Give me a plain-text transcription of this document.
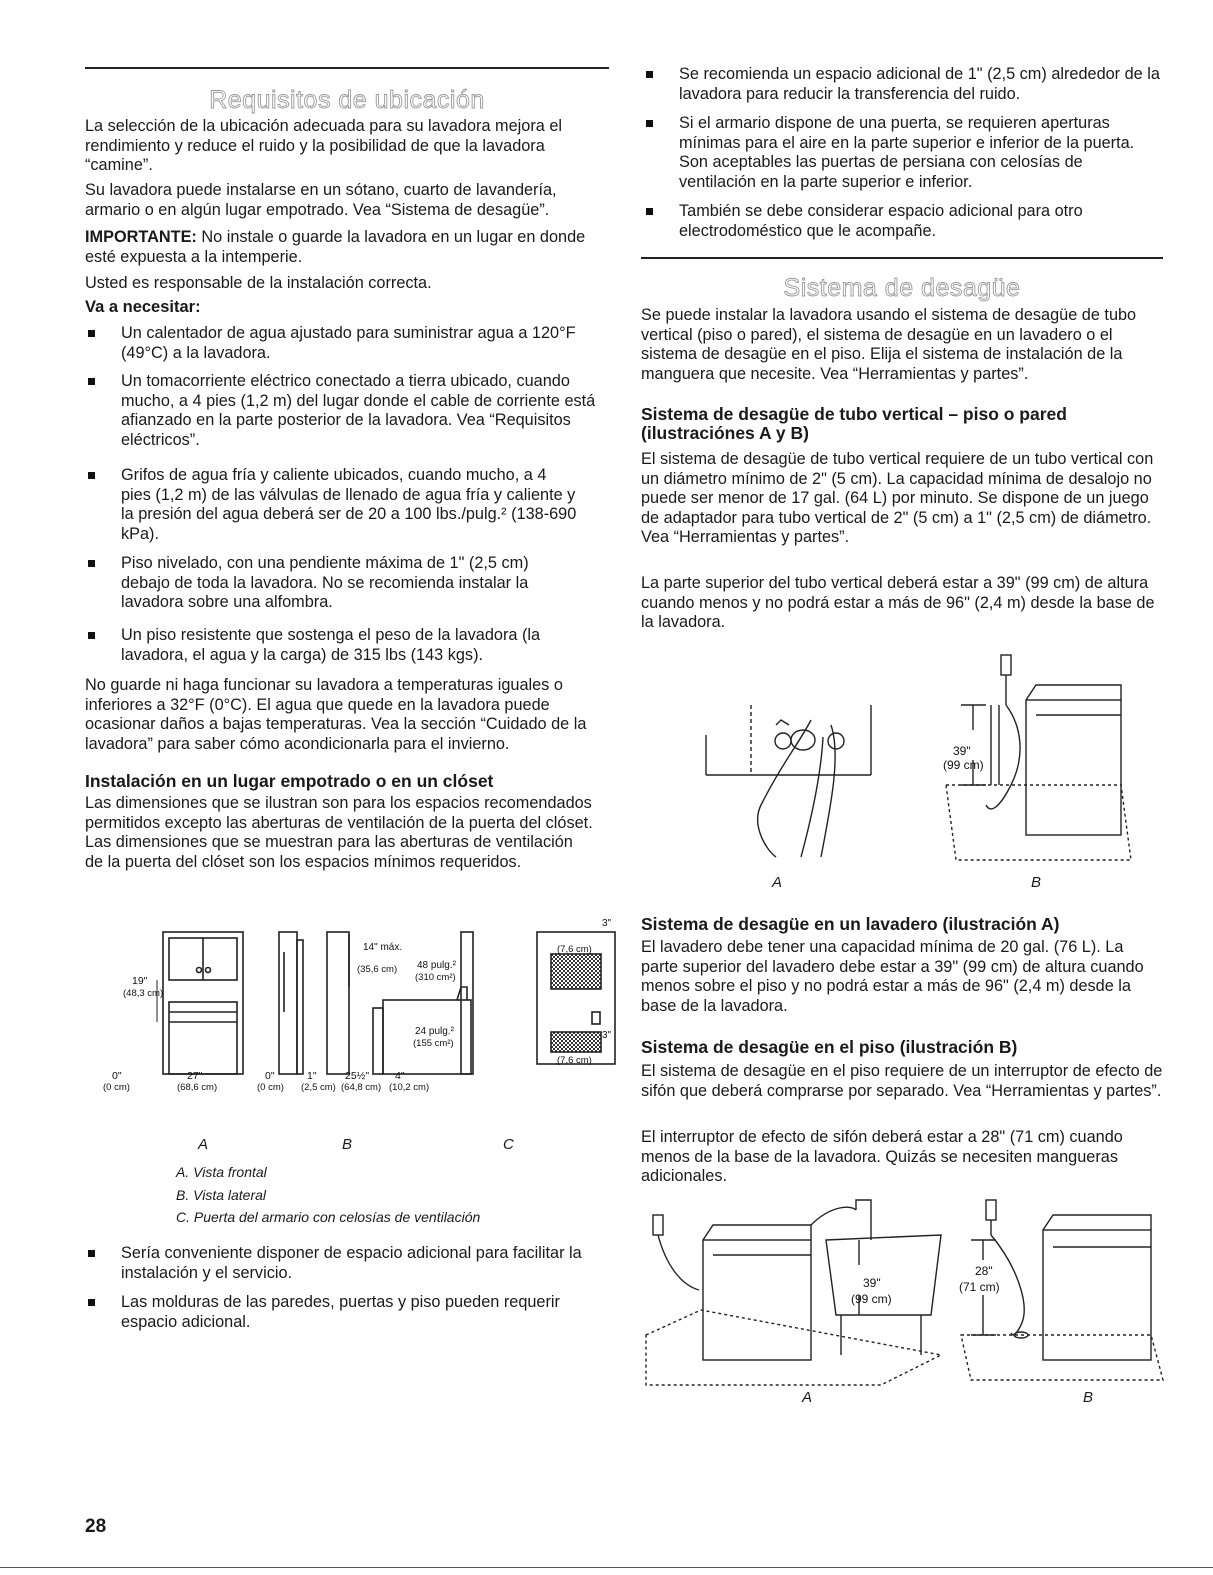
Requisitos de ubicación

La selección de la ubicación adecuada para su lavadora mejora el rendimiento y reduce el ruido y la posibilidad de que la lavadora “camine”.

Su lavadora puede instalarse en un sótano, cuarto de lavandería, armario o en algún lugar empotrado. Vea “Sistema de desagüe”.

IMPORTANTE: No instale o guarde la lavadora en un lugar en donde esté expuesta a la intemperie.

Usted es responsable de la instalación correcta.

Va a necesitar:

Un calentador de agua ajustado para suministrar agua a 120°F (49°C) a la lavadora.
Un tomacorriente eléctrico conectado a tierra ubicado, cuando mucho, a 4 pies (1,2 m) del lugar donde el cable de corriente está afianzado en la parte posterior de la lavadora. Vea “Requisitos eléctricos”.
Grifos de agua fría y caliente ubicados, cuando mucho, a 4 pies (1,2 m) de las válvulas de llenado de agua fría y caliente y la presión del agua deberá ser de 20 a 100 lbs./pulg.² (138-690 kPa).
Piso nivelado, con una pendiente máxima de 1" (2,5 cm) debajo de toda la lavadora. No se recomienda instalar la lavadora sobre una alfombra.
Un piso resistente que sostenga el peso de la lavadora (la lavadora, el agua y la carga) de 315 lbs (143 kgs).

No guarde ni haga funcionar su lavadora a temperaturas iguales o inferiores a 32°F (0°C). El agua que quede en la lavadora puede ocasionar daños a bajas temperaturas. Vea la sección “Cuidado de la lavadora” para saber cómo acondicionarla para el invierno.

Instalación en un lugar empotrado o en un clóset

Las dimensiones que se ilustran son para los espacios recomendados permitidos excepto las aberturas de ventilación de la puerta del clóset. Las dimensiones que se muestran para las aberturas de ventilación de la puerta del clóset son los espacios mínimos requeridos.

19"
(48,3 cm)
0"
(0 cm)
27"
(68,6 cm)
0"
(0 cm)
1"
(2,5 cm)
25½"
(64,8 cm)
4"
(10,2 cm)
14" máx.
(35,6 cm) 48 pulg.²
(310 cm²)
24 pulg.²
(155 cm²)
3"
(7,6 cm)
3"
(7,6 cm)
A	B	C
A. Vista frontal
B. Vista lateral
C. Puerta del armario con celosías de ventilación
Sería conveniente disponer de espacio adicional para facilitar la instalación y el servicio.
Las molduras de las paredes, puertas y piso pueden requerir espacio adicional.
Se recomienda un espacio adicional de 1" (2,5 cm) alrededor de la lavadora para reducir la transferencia del ruido.
Si el armario dispone de una puerta, se requieren aperturas mínimas para el aire en la parte superior e inferior de la puerta. Son aceptables las puertas de persiana con celosías de ventilación en la parte superior e inferior.
También se debe considerar espacio adicional para otro electrodoméstico que le acompañe.
Sistema de desagüe

Se puede instalar la lavadora usando el sistema de desagüe de tubo vertical (piso o pared), el sistema de desagüe en un lavadero o el sistema de desagüe en el piso. Elija el sistema de instalación de la manguera que necesite. Vea “Herramientas y partes”.

Sistema de desagüe de tubo vertical – piso o pared (ilustraciónes A y B)

El sistema de desagüe de tubo vertical requiere de un tubo vertical con un diámetro mínimo de 2" (5 cm). La capacidad mínima de desalojo no puede ser menor de 17 gal. (64 L) por minuto. Se dispone de un juego de adaptador para tubo vertical de 2" (5 cm) a 1" (2,5 cm) de diámetro. Vea “Herramientas y partes”.

La parte superior del tubo vertical deberá estar a 39" (99 cm) de altura cuando menos y no podrá estar a más de 96" (2,4 m) desde la base de la lavadora.

39"
(99 cm)
A	B

Sistema de desagüe en un lavadero (ilustración A)

El lavadero debe tener una capacidad mínima de 20 gal. (76 L). La parte superior del lavadero debe estar a 39" (99 cm) de altura cuando menos sobre el piso y no podrá estar a más de 96" (2,4 m) desde la base de la lavadora.

Sistema de desagüe en el piso (ilustración B)

El sistema de desagüe en el piso requiere de un interruptor de efecto de sifón que deberá comprarse por separado. Vea “Herramientas y partes”.

El interruptor de efecto de sifón deberá estar a 28" (71 cm) cuando menos de la base de la lavadora. Quizás se necesiten mangueras adicionales.

39"
(99 cm)
28"
(71 cm)
A	B
28
